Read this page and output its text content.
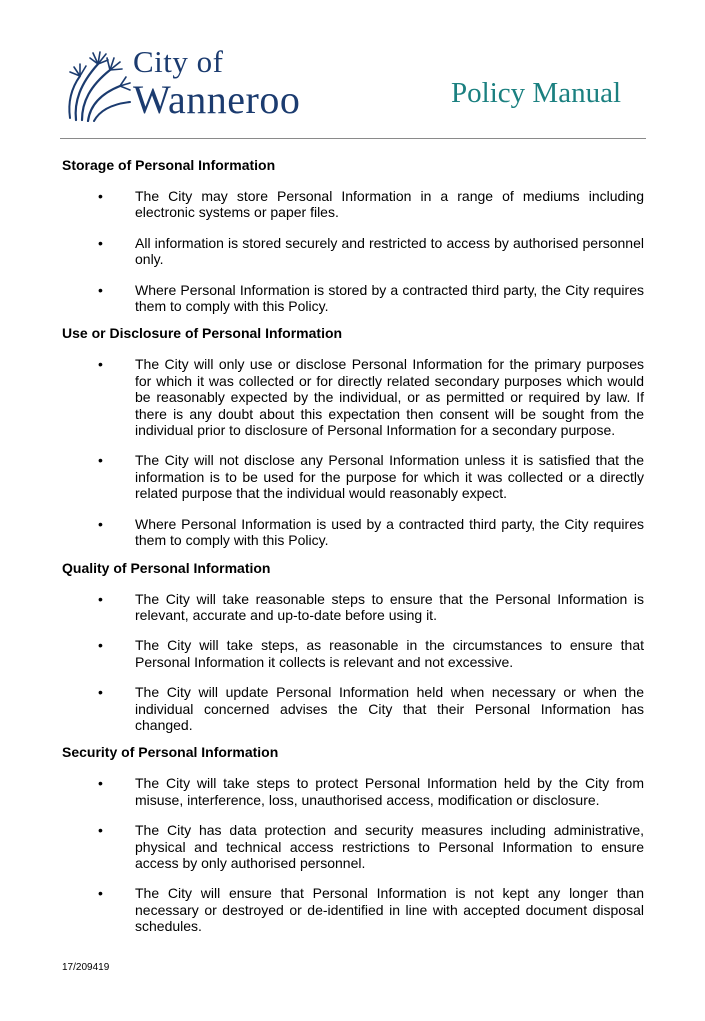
City of
Wanneroo	Policy Manual
Storage of Personal Information
• The City may store Personal Information in a range of mediums including electronic systems or paper files.
• All information is stored securely and restricted to access by authorised personnel only.
• Where Personal Information is stored by a contracted third party, the City requires them to comply with this Policy.
Use or Disclosure of Personal Information
• The City will only use or disclose Personal Information for the primary purposes for which it was collected or for directly related secondary purposes which would be reasonably expected by the individual, or as permitted or required by law. If there is any doubt about this expectation then consent will be sought from the individual prior to disclosure of Personal Information for a secondary purpose.
• The City will not disclose any Personal Information unless it is satisfied that the information is to be used for the purpose for which it was collected or a directly related purpose that the individual would reasonably expect.
• Where Personal Information is used by a contracted third party, the City requires them to comply with this Policy.
Quality of Personal Information
• The City will take reasonable steps to ensure that the Personal Information is relevant, accurate and up-to-date before using it.
• The City will take steps, as reasonable in the circumstances to ensure that Personal Information it collects is relevant and not excessive.
• The City will update Personal Information held when necessary or when the individual concerned advises the City that their Personal Information has changed.
Security of Personal Information
• The City will take steps to protect Personal Information held by the City from misuse, interference, loss, unauthorised access, modification or disclosure.
• The City has data protection and security measures including administrative, physical and technical access restrictions to Personal Information to ensure access by only authorised personnel.
• The City will ensure that Personal Information is not kept any longer than necessary or destroyed or de-identified in line with accepted document disposal schedules.
17/209419
